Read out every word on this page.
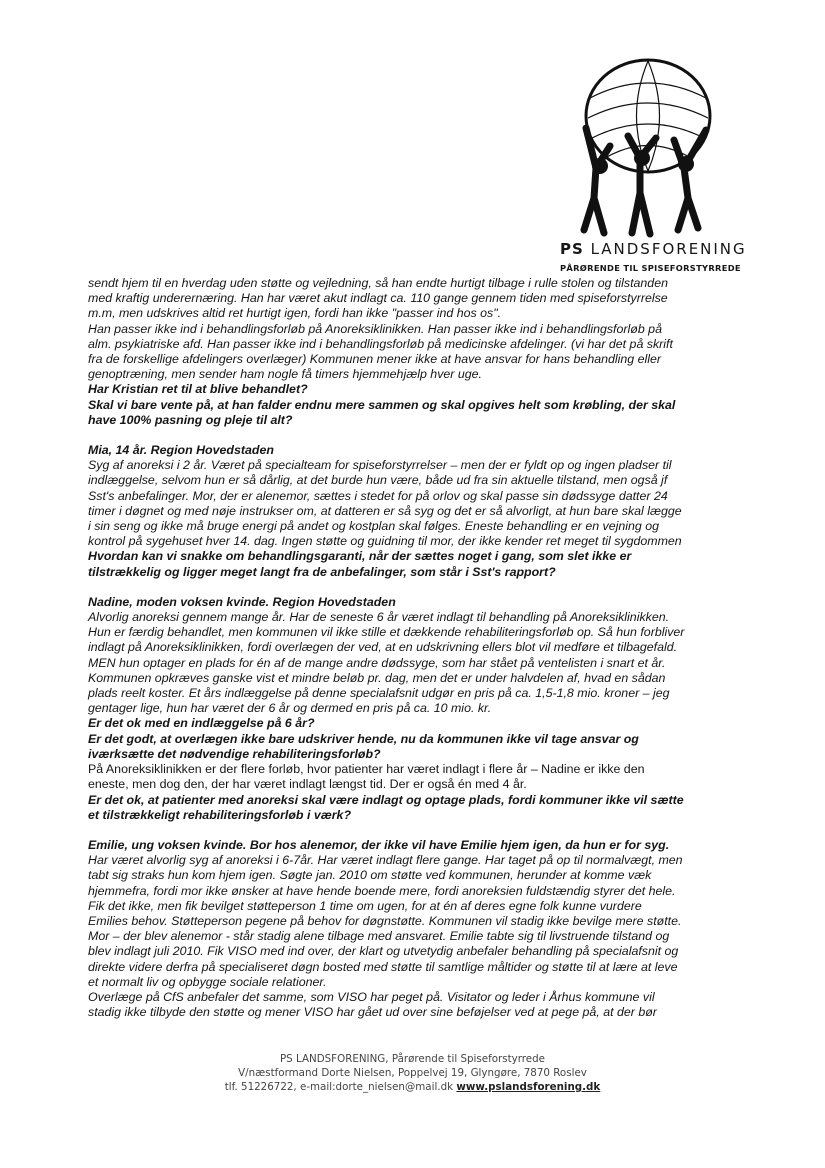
PS LANDSFORENING
PÅRØRENDE TIL SPISEFORSTYRREDE

sendt hjem til en hverdag uden støtte og vejledning, så han endte hurtigt tilbage i rulle stolen og tilstanden

med kraftig underernæring. Han har været akut indlagt ca. 110 gange gennem tiden med spiseforstyrrelse

m.m, men udskrives altid ret hurtigt igen, fordi han ikke "passer ind hos os".

Han passer ikke ind i behandlingsforløb på Anoreksiklinikken. Han passer ikke ind i behandlingsforløb på

alm. psykiatriske afd. Han passer ikke ind i behandlingsforløb på medicinske afdelinger. (vi har det på skrift

fra de forskellige afdelingers overlæger) Kommunen mener ikke at have ansvar for hans behandling eller

genoptræning, men sender ham nogle få timers hjemmehjælp hver uge.

Har Kristian ret til at blive behandlet?

Skal vi bare vente på, at han falder endnu mere sammen og skal opgives helt som krøbling, der skal

have 100% pasning og pleje til alt?

Mia, 14 år. Region Hovedstaden

Syg af anoreksi i 2 år. Været på specialteam for spiseforstyrrelser – men der er fyldt op og ingen pladser til

indlæggelse, selvom hun er så dårlig, at det burde hun være, både ud fra sin aktuelle tilstand, men også jf

Sst's anbefalinger. Mor, der er alenemor, sættes i stedet for på orlov og skal passe sin dødssyge datter 24

timer i døgnet og med nøje instrukser om, at datteren er så syg og det er så alvorligt, at hun bare skal lægge

i sin seng og ikke må bruge energi på andet og kostplan skal følges. Eneste behandling er en vejning og

kontrol på sygehuset hver 14. dag. Ingen støtte og guidning til mor, der ikke kender ret meget til sygdommen

Hvordan kan vi snakke om behandlingsgaranti, når der sættes noget i gang, som slet ikke er

tilstrækkelig og ligger meget langt fra de anbefalinger, som står i Sst's rapport?

Nadine, moden voksen kvinde. Region Hovedstaden

Alvorlig anoreksi gennem mange år. Har de seneste 6 år været indlagt til behandling på Anoreksiklinikken.

Hun er færdig behandlet, men kommunen vil ikke stille et dækkende rehabiliteringsforløb op. Så hun forbliver

indlagt på Anoreksiklinikken, fordi overlægen der ved, at en udskrivning ellers blot vil medføre et tilbagefald.

MEN hun optager en plads for én af de mange andre dødssyge, som har stået på ventelisten i snart et år.

Kommunen opkræves ganske vist et mindre beløb pr. dag, men det er under halvdelen af, hvad en sådan

plads reelt koster. Et års indlæggelse på denne specialafsnit udgør en pris på ca. 1,5-1,8 mio. kroner – jeg

gentager lige, hun har været der 6 år og dermed en pris på ca. 10 mio. kr.

Er det ok med en indlæggelse på 6 år?

Er det godt, at overlægen ikke bare udskriver hende, nu da kommunen ikke vil tage ansvar og

iværksætte det nødvendige rehabiliteringsforløb?

På Anoreksiklinikken er der flere forløb, hvor patienter har været indlagt i flere år – Nadine er ikke den

eneste, men dog den, der har været indlagt længst tid. Der er også én med 4 år.

Er det ok, at patienter med anoreksi skal være indlagt og optage plads, fordi kommuner ikke vil sætte

et tilstrækkeligt rehabiliteringsforløb i værk?

Emilie, ung voksen kvinde. Bor hos alenemor, der ikke vil have Emilie hjem igen, da hun er for syg.

Har været alvorlig syg af anoreksi i 6-7år. Har været indlagt flere gange. Har taget på op til normalvægt, men

tabt sig straks hun kom hjem igen. Søgte jan. 2010 om støtte ved kommunen, herunder at komme væk

hjemmefra, fordi mor ikke ønsker at have hende boende mere, fordi anoreksien fuldstændig styrer det hele.

Fik det ikke, men fik bevilget støtteperson 1 time om ugen, for at én af deres egne folk kunne vurdere

Emilies behov. Støtteperson pegene på behov for døgnstøtte. Kommunen vil stadig ikke bevilge mere støtte.

Mor – der blev alenemor - står stadig alene tilbage med ansvaret. Emilie tabte sig til livstruende tilstand og

blev indlagt juli 2010. Fik VISO med ind over, der klart og utvetydig anbefaler behandling på specialafsnit og

direkte videre derfra på specialiseret døgn bosted med støtte til samtlige måltider og støtte til at lære at leve

et normalt liv og opbygge sociale relationer.

Overlæge på CfS anbefaler det samme, som VISO har peget på. Visitator og leder i Århus kommune vil

stadig ikke tilbyde den støtte og mener VISO har gået ud over sine beføjelser ved at pege på, at der bør

PS LANDSFORENING, Pårørende til Spiseforstyrrede

V/næstformand Dorte Nielsen, Poppelvej 19, Glyngøre, 7870 Roslev

tlf. 51226722, e-mail:dorte_nielsen@mail.dk www.pslandsforening.dk
